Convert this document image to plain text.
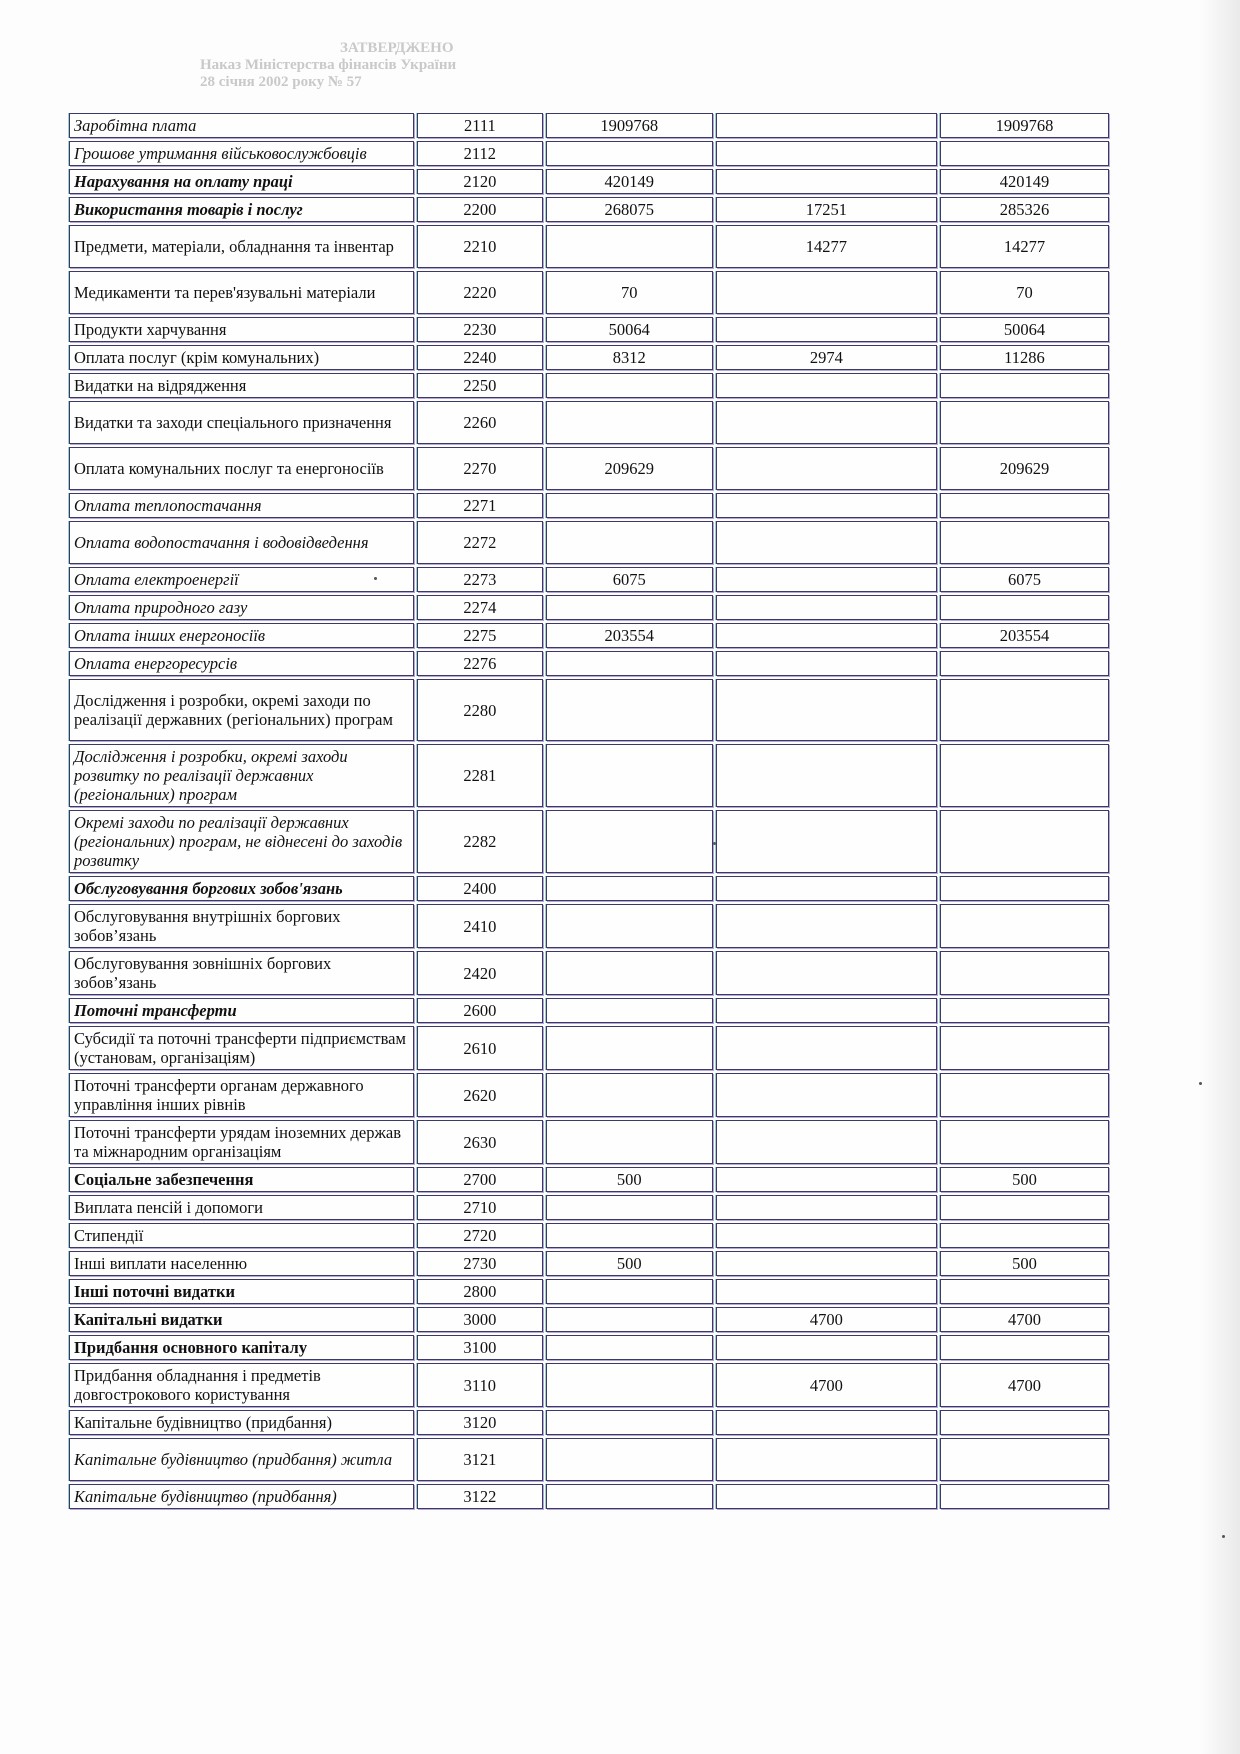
ЗАТВЕРДЖЕНО
Наказ Міністерства фінансів України
28 січня 2002 року № 57
Заробітна плата	2111	1909768		1909768
Грошове утримання військовослужбовців	2112			
Нарахування на оплату праці	2120	420149		420149
Використання товарів і послуг	2200	268075	17251	285326
Предмети, матеріали, обладнання та інвентар	2210		14277	14277
Медикаменти та перев'язувальні матеріали	2220	70		70
Продукти харчування	2230	50064		50064
Оплата послуг (крім комунальних)	2240	8312	2974	11286
Видатки на відрядження	2250			
Видатки та заходи спеціального призначення	2260			
Оплата комунальних послуг та енергоносіїв	2270	209629		209629
Оплата теплопостачання	2271			
Оплата водопостачання і водовідведення	2272			
Оплата електроенергії	2273	6075		6075
Оплата природного газу	2274			
Оплата інших енергоносіїв	2275	203554		203554
Оплата енергоресурсів	2276			
Дослідження і розробки, окремі заходи по реалізації державних (регіональних) програм	2280			
Дослідження і розробки, окремі заходи розвитку по реалізації державних (регіональних) програм	2281			
Окремі заходи по реалізації державних (регіональних) програм, не віднесені до заходів розвитку	2282			
Обслуговування боргових зобов'язань	2400			
Обслуговування внутрішніх боргових зобов’язань	2410			
Обслуговування зовнішніх боргових зобов’язань	2420			
Поточні трансферти	2600			
Субсидії та поточні трансферти підприємствам (установам, організаціям)	2610			
Поточні трансферти органам державного управління інших рівнів	2620			
Поточні трансферти урядам іноземних держав та міжнародним організаціям	2630			
Соціальне забезпечення	2700	500		500
Виплата пенсій і допомоги	2710			
Стипендії	2720			
Інші виплати населенню	2730	500		500
Інші поточні видатки	2800			
Капітальні видатки	3000		4700	4700
Придбання основного капіталу	3100			
Придбання обладнання і предметів довгострокового користування	3110		4700	4700
Капітальне будівництво (придбання)	3120			
Капітальне будівництво (придбання) житла	3121			
Капітальне будівництво (придбання)	3122			
